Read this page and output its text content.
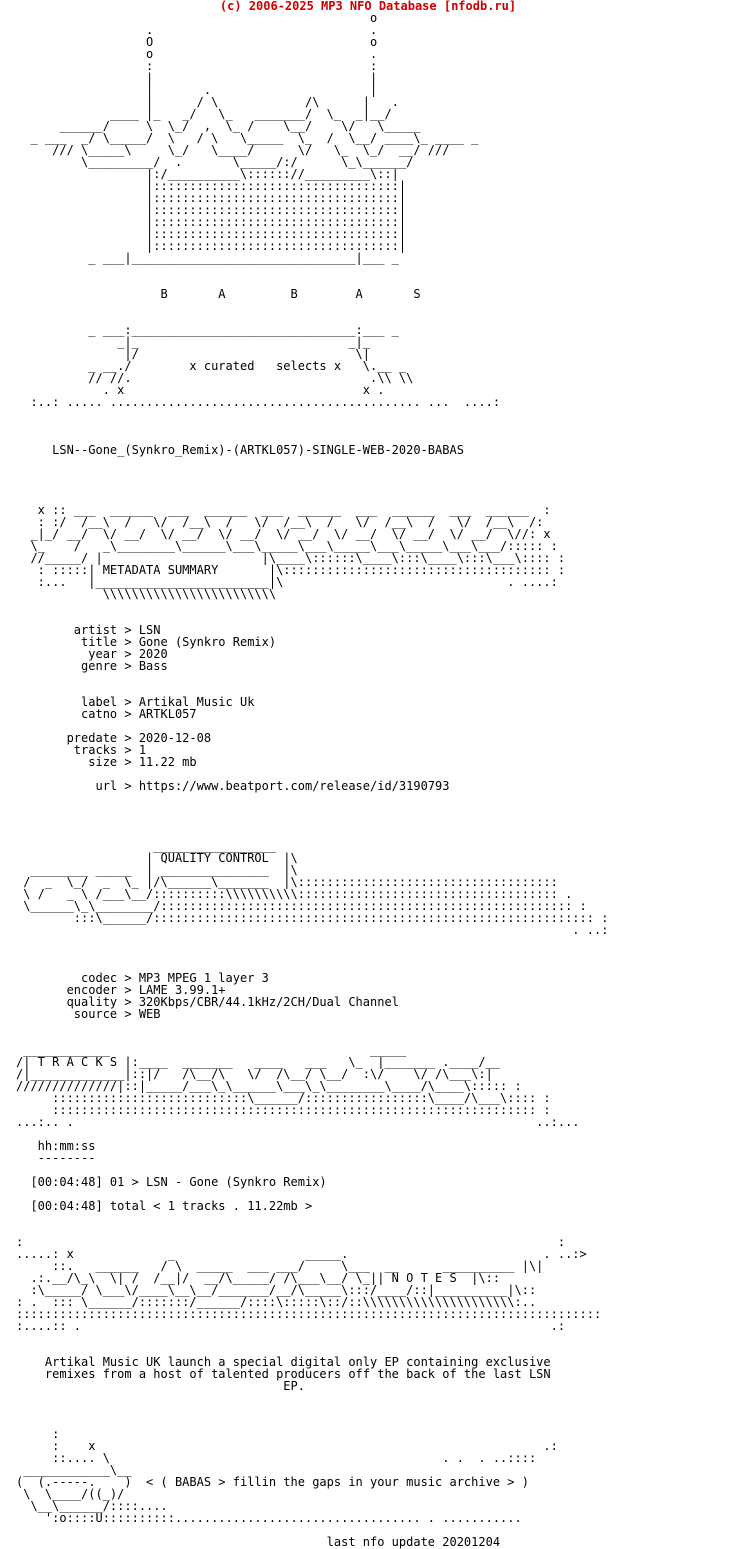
(c) 2006-2025 MP3 NFO Database [nfodb.ru]
o
.                              .
O                              o
o                              .
:                              :
|                              |
|       .                      |
|      / \            /\      |   .
____ |_   _/   \_   _______/  \_  _|__/
______/     \  \_/  ,  \_ /    \__/    \/   \_____
_ ___  _/ \_____/  \   / \   \_____  \_  /  \__/ ____\_ ____ _
/// \_____\     \_/   \____/      \/   \_  \_/  __/ ///
\_________/  .       \_____/:/      \_\______/
|:/__________\:::::://_________\::|
|::::::::::::::::::::::::::::::::::|
|::::::::::::::::::::::::::::::::::|
|::::::::::::::::::::::::::::::::::|
|::::::::::::::::::::::::::::::::::|
|::::::::::::::::::::::::::::::::::|
|::::::::::::::::::::::::::::::::::|
_ ___|_______________________________|___ _
B       A         B        A       S
_ ___:_______________________________:___ _
_|_                             _|_
|/                              \|
_ __./        x curated   selects x   \.__ _
// //.                                 .\\ \\
. x                                 x .
:..: ..... ........................................... ...  ....:
LSN--Gone_(Synkro_Remix)-(ARTKL057)-SINGLE-WEB-2020-BABAS
x :: ___  ______  ___  ______  ___  ______  ___  ______  ___  ______  :
: :/  /__\  /   \/  /__\  /   \/  /__\  /   \/  /__\  /   \/  /__\  /:
_|_/ __/  \/ __/  \/ __/  \/ __/  \/ __/  \/ __/  \/ __/  \/ __/  \//: x
\_    /   _\________\______\___\_____\___\_____\___\_____\___\___/::::: :
//_____/ |                      |\____\::::::\____\:::\____\:::\___\:::: :
: :::::| METADATA SUMMARY       |\::::::::::::::::::::::::::::::::::::: :
:...   |________________________|\                               . ....:
\\\\\\\\\\\\\\\\\\\\\\\\
artist > LSN
title > Gone (Synkro Remix)
year > 2020
genre > Bass
label > Artikal Music Uk
catno > ARTKL057
predate > 2020-12-08
tracks > 1
size > 11.22 mb
url > https://www.beatport.com/release/id/3190793
_________________
| QUALITY CONTROL  |\
________ _____  | _______________  |\
/  _  \_/  _  \_ |/\______\_______  |\::::::::::::::::::::::::::::::::::::
\ /   _ \ /___\__/::::::::::\\\\\\\\\\:::::::::::::::::::::::::::::::::::: .
\______\_\________/::::::::::::::::::::::::::::::::::::::::::::::::::::::::: :
:::\______/::::::::::::::::::::::::::::::::::::::::::::::::::::::::::::: :
. ..:
codec > MP3 MPEG 1 layer 3
encoder > LAME 3.99.1+
quality > 320Kbps/CBR/44.1kHz/2CH/Dual Channel
source > WEB
____________                                    _____
/| T R A C K S |:____  _______   ____   ___   \_  |_______ .____/__
/|_____________|::|/   /\__/\   \/  /\__/ \__/  :\/    \/ /\___\:|
//////////////|::|_____/___\_\______\___\_\________\____/\____\::::: :
:::::::::::::::::::::::::::\______/:::::::::::::::::\____/\___\:::: :
::::::::::::::::::::::::::::::::::::::::::::::::::::::::::::::::::: :
...:.. .                                                                ..:...
hh:mm:ss
--------
[00:04:48] 01 > LSN - Gone (Synkro Remix)
[00:04:48] total < 1 tracks . 11.22mb >
:                                                                          :
.....: x             _                  _____.                           . ..:>
::.   ______   / \  _____  ___ ___/     \___  __      __________ |\|
.:.__/\_\  \| /  /__|/  __/\_____/ /\___\__/ \_|| N O T E S  |\::
:\_____/ \___\/____\__\__/_______/__/\_____\:::/____/::|__________|\::
: .  ::: \______/:::::::/______/::::\:::::\::/::\\\\\\\\\\\\\\\\\\\\\:..
:::::::::::::::::::::::::::::::::::::::::::::::::::::::::::::::::::::::::::::::::
:....:: .                                                                 .:
Artikal Music UK launch a special digital only EP containing exclusive
remixes from a host of talented producers off the back of the last LSN
EP.
:
:    x                                                              .:
::.... \                                              . .  . ..::::
____________\__
(  (.-----.    )  < ( BABAS > fillin the gaps in your music archive > )
\  \____/((_)/
\__\______/::::....
':o::::U::::::::::.................................. . ...........
last nfo update 20201204
